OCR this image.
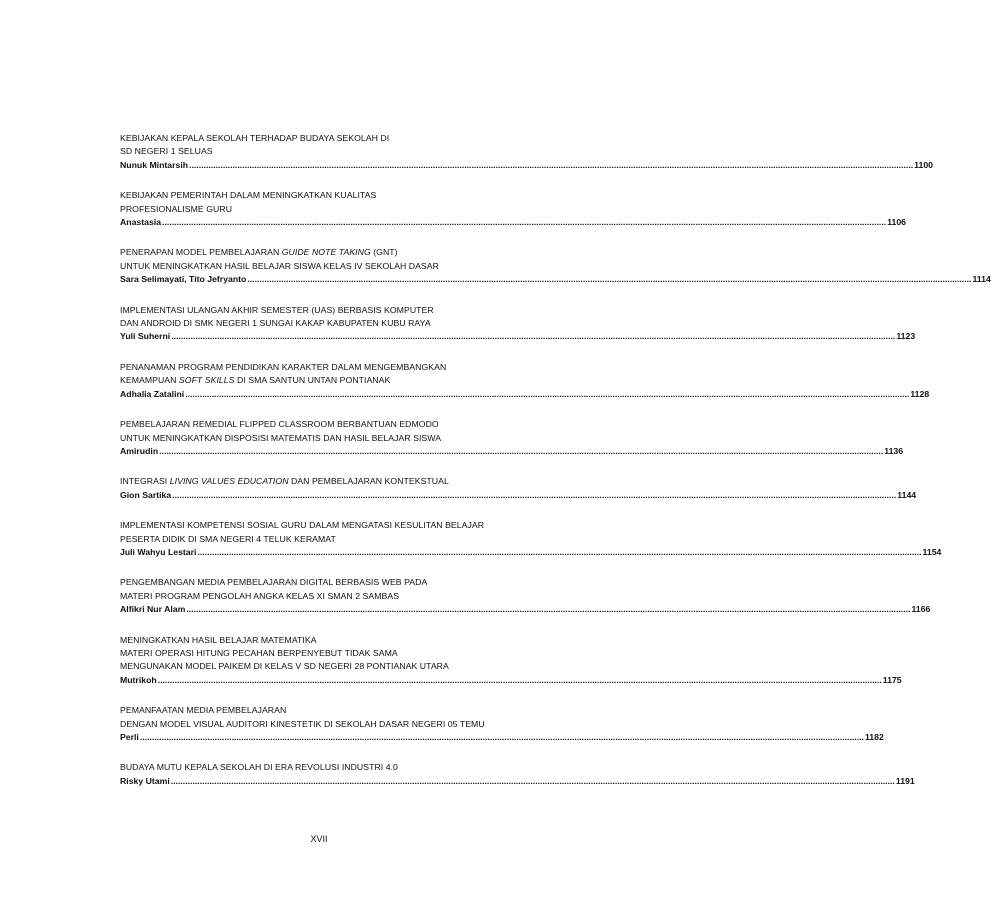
KEBIJAKAN KEPALA SEKOLAH TERHADAP BUDAYA SEKOLAH DI
SD NEGERI 1 SELUAS
Nunuk Mintarsih ............................................................................................................................................................................................................................................................................................................ 1100
KEBIJAKAN PEMERINTAH DALAM MENINGKATKAN KUALITAS
PROFESIONALISME GURU
Anastasia ............................................................................................................................................................................................................................................................................................................ 1106
PENERAPAN MODEL PEMBELAJARAN GUIDE NOTE TAKING (GNT)
UNTUK MENINGKATKAN HASIL BELAJAR SISWA KELAS IV SEKOLAH DASAR
Sara Selimayati, Tito Jefryanto ............................................................................................................................................................................................................................................................................................................ 1114
IMPLEMENTASI ULANGAN AKHIR SEMESTER (UAS) BERBASIS KOMPUTER
DAN ANDROID DI SMK NEGERI 1 SUNGAI KAKAP KABUPATEN KUBU RAYA
Yuli Suherni ............................................................................................................................................................................................................................................................................................................ 1123
PENANAMAN PROGRAM PENDIDIKAN KARAKTER DALAM MENGEMBANGKAN
KEMAMPUAN SOFT SKILLS DI SMA SANTUN UNTAN PONTIANAK
Adhalia Zatalini ............................................................................................................................................................................................................................................................................................................ 1128
PEMBELAJARAN REMEDIAL FLIPPED CLASSROOM BERBANTUAN EDMODO
UNTUK MENINGKATKAN DISPOSISI MATEMATIS DAN HASIL BELAJAR SISWA
Amirudin ............................................................................................................................................................................................................................................................................................................ 1136
INTEGRASI LIVING VALUES EDUCATION DAN PEMBELAJARAN KONTEKSTUAL
Gion Sartika ............................................................................................................................................................................................................................................................................................................ 1144
IMPLEMENTASI KOMPETENSI SOSIAL GURU DALAM MENGATASI KESULITAN BELAJAR
PESERTA DIDIK DI SMA NEGERI 4 TELUK KERAMAT
Juli Wahyu Lestari ............................................................................................................................................................................................................................................................................................................ 1154
PENGEMBANGAN MEDIA PEMBELAJARAN DIGITAL BERBASIS WEB PADA
MATERI PROGRAM PENGOLAH ANGKA KELAS XI SMAN 2 SAMBAS
Alfikri Nur Alam ............................................................................................................................................................................................................................................................................................................ 1166
MENINGKATKAN HASIL BELAJAR MATEMATIKA
MATERI OPERASI HITUNG PECAHAN BERPENYEBUT TIDAK SAMA
MENGUNAKAN MODEL PAIKEM DI KELAS V SD NEGERI 28 PONTIANAK UTARA
Mutrikoh ............................................................................................................................................................................................................................................................................................................ 1175
PEMANFAATAN MEDIA PEMBELAJARAN
DENGAN MODEL VISUAL AUDITORI KINESTETIK DI SEKOLAH DASAR NEGERI 05 TEMU
Perli ............................................................................................................................................................................................................................................................................................................ 1182
BUDAYA MUTU KEPALA SEKOLAH DI ERA REVOLUSI INDUSTRI 4.0
Risky Utami ............................................................................................................................................................................................................................................................................................................ 1191
XVII
